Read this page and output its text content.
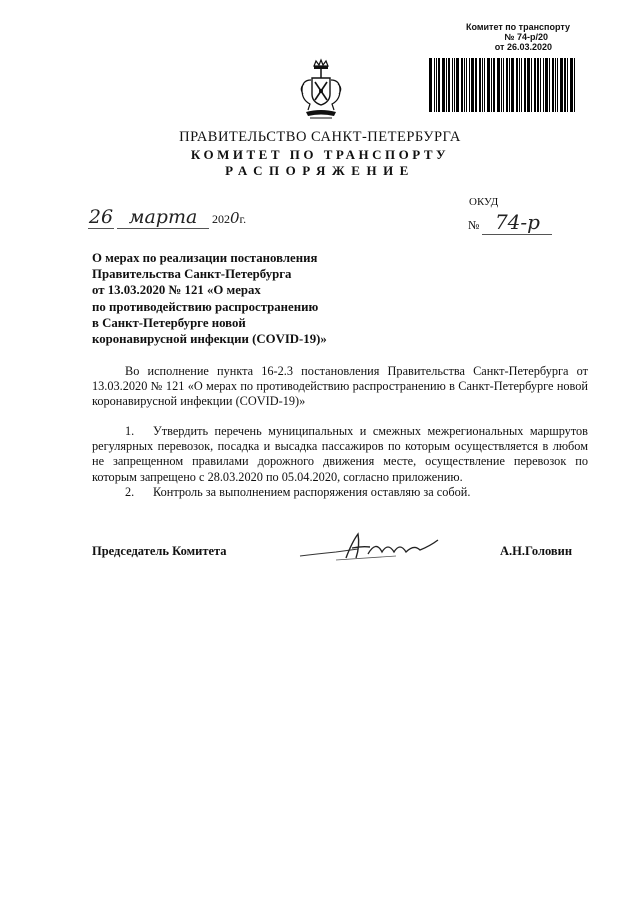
Комитет по транспорту
№ 74-р/20
от 26.03.2020
ПРАВИТЕЛЬСТВО САНКТ-ПЕТЕРБУРГА
КОМИТЕТ ПО ТРАНСПОРТУ
РАСПОРЯЖЕНИЕ
ОКУД
26 марта 2020г.	№ 74-р
О мерах по реализации постановления
Правительства Санкт-Петербурга
от 13.03.2020 № 121 «О мерах
по противодействию распространению
в Санкт-Петербурге новой
коронавирусной инфекции (COVID-19)»

Во исполнение пункта 16-2.3 постановления Правительства Санкт-Петербурга от 13.03.2020 № 121 «О мерах по противодействию распространению в Санкт-Петербурге новой коронавирусной инфекции (COVID-19)»

1. Утвердить перечень муниципальных и смежных межрегиональных маршрутов регулярных перевозок, посадка и высадка пассажиров по которым осуществляется в любом не запрещенном правилами дорожного движения месте, осуществление перевозок по которым запрещено с 28.03.2020 по 05.04.2020, согласно приложению.

2. Контроль за выполнением распоряжения оставляю за собой.

Председатель Комитета	А.Н.Головин
